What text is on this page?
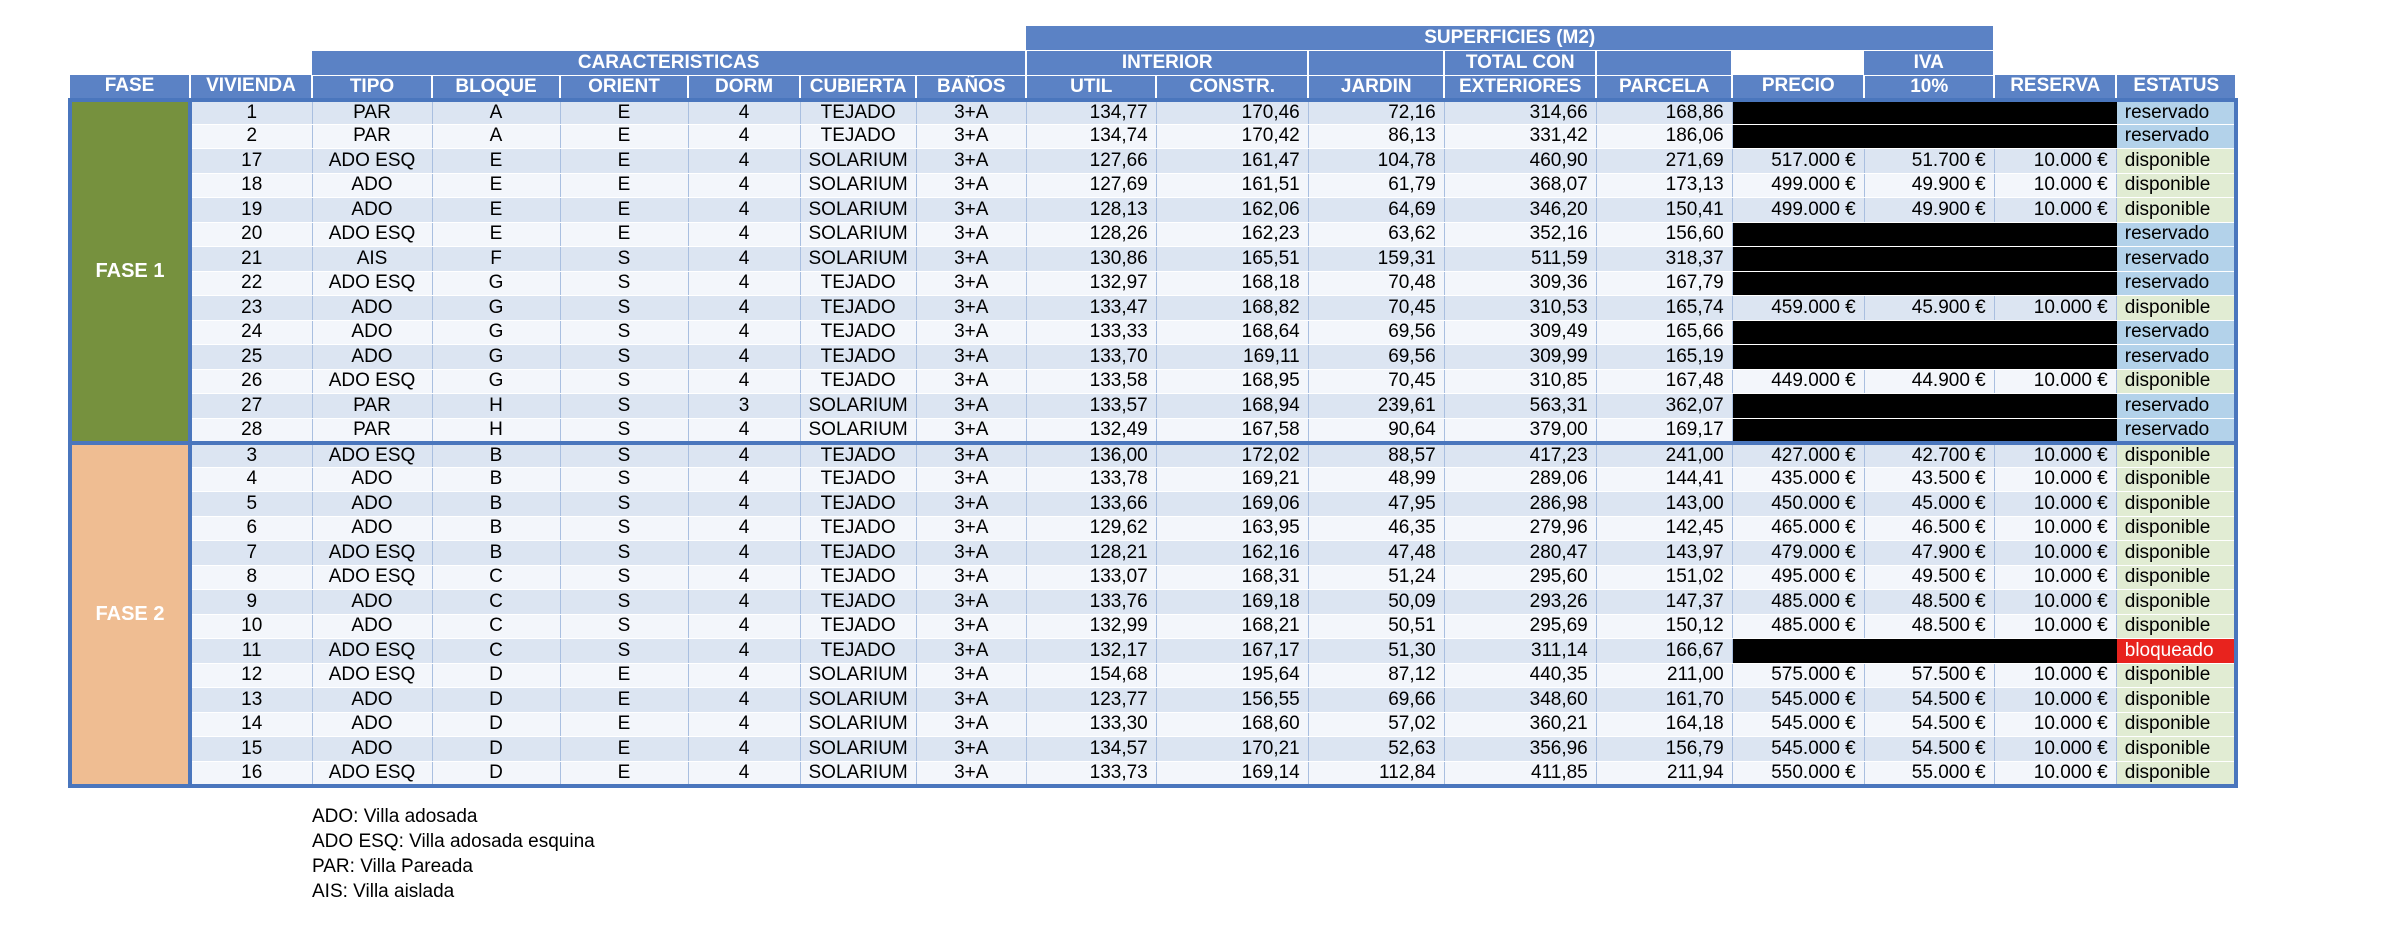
								SUPERFICIES (M2)								
		CARACTERISTICAS						INTERIOR			TOTAL CON			IVA		
FASE	VIVIENDA	TIPO	BLOQUE	ORIENT	DORM	CUBIERTA	BAÑOS	UTIL	CONSTR.	JARDIN	EXTERIORES	PARCELA	PRECIO	10%	RESERVA	ESTATUS
FASE 1	1	PAR	A	E	4	TEJADO	3+A	134,77	170,46	72,16	314,66	168,86				reservado
	2	PAR	A	E	4	TEJADO	3+A	134,74	170,42	86,13	331,42	186,06				reservado
	17	ADO ESQ	E	E	4	SOLARIUM	3+A	127,66	161,47	104,78	460,90	271,69	517.000 €	51.700 €	10.000 €	disponible
	18	ADO	E	E	4	SOLARIUM	3+A	127,69	161,51	61,79	368,07	173,13	499.000 €	49.900 €	10.000 €	disponible
	19	ADO	E	E	4	SOLARIUM	3+A	128,13	162,06	64,69	346,20	150,41	499.000 €	49.900 €	10.000 €	disponible
	20	ADO ESQ	E	E	4	SOLARIUM	3+A	128,26	162,23	63,62	352,16	156,60				reservado
	21	AIS	F	S	4	SOLARIUM	3+A	130,86	165,51	159,31	511,59	318,37				reservado
	22	ADO ESQ	G	S	4	TEJADO	3+A	132,97	168,18	70,48	309,36	167,79				reservado
	23	ADO	G	S	4	TEJADO	3+A	133,47	168,82	70,45	310,53	165,74	459.000 €	45.900 €	10.000 €	disponible
	24	ADO	G	S	4	TEJADO	3+A	133,33	168,64	69,56	309,49	165,66				reservado
	25	ADO	G	S	4	TEJADO	3+A	133,70	169,11	69,56	309,99	165,19				reservado
	26	ADO ESQ	G	S	4	TEJADO	3+A	133,58	168,95	70,45	310,85	167,48	449.000 €	44.900 €	10.000 €	disponible
	27	PAR	H	S	3	SOLARIUM	3+A	133,57	168,94	239,61	563,31	362,07				reservado
	28	PAR	H	S	4	SOLARIUM	3+A	132,49	167,58	90,64	379,00	169,17				reservado
FASE 2	3	ADO ESQ	B	S	4	TEJADO	3+A	136,00	172,02	88,57	417,23	241,00	427.000 €	42.700 €	10.000 €	disponible
	4	ADO	B	S	4	TEJADO	3+A	133,78	169,21	48,99	289,06	144,41	435.000 €	43.500 €	10.000 €	disponible
	5	ADO	B	S	4	TEJADO	3+A	133,66	169,06	47,95	286,98	143,00	450.000 €	45.000 €	10.000 €	disponible
	6	ADO	B	S	4	TEJADO	3+A	129,62	163,95	46,35	279,96	142,45	465.000 €	46.500 €	10.000 €	disponible
	7	ADO ESQ	B	S	4	TEJADO	3+A	128,21	162,16	47,48	280,47	143,97	479.000 €	47.900 €	10.000 €	disponible
	8	ADO ESQ	C	S	4	TEJADO	3+A	133,07	168,31	51,24	295,60	151,02	495.000 €	49.500 €	10.000 €	disponible
	9	ADO	C	S	4	TEJADO	3+A	133,76	169,18	50,09	293,26	147,37	485.000 €	48.500 €	10.000 €	disponible
	10	ADO	C	S	4	TEJADO	3+A	132,99	168,21	50,51	295,69	150,12	485.000 €	48.500 €	10.000 €	disponible
	11	ADO ESQ	C	S	4	TEJADO	3+A	132,17	167,17	51,30	311,14	166,67				bloqueado
	12	ADO ESQ	D	E	4	SOLARIUM	3+A	154,68	195,64	87,12	440,35	211,00	575.000 €	57.500 €	10.000 €	disponible
	13	ADO	D	E	4	SOLARIUM	3+A	123,77	156,55	69,66	348,60	161,70	545.000 €	54.500 €	10.000 €	disponible
	14	ADO	D	E	4	SOLARIUM	3+A	133,30	168,60	57,02	360,21	164,18	545.000 €	54.500 €	10.000 €	disponible
	15	ADO	D	E	4	SOLARIUM	3+A	134,57	170,21	52,63	356,96	156,79	545.000 €	54.500 €	10.000 €	disponible
	16	ADO ESQ	D	E	4	SOLARIUM	3+A	133,73	169,14	112,84	411,85	211,94	550.000 €	55.000 €	10.000 €	disponible
ADO: Villa adosada
ADO ESQ: Villa adosada esquina
PAR: Villa Pareada
AIS: Villa aislada
